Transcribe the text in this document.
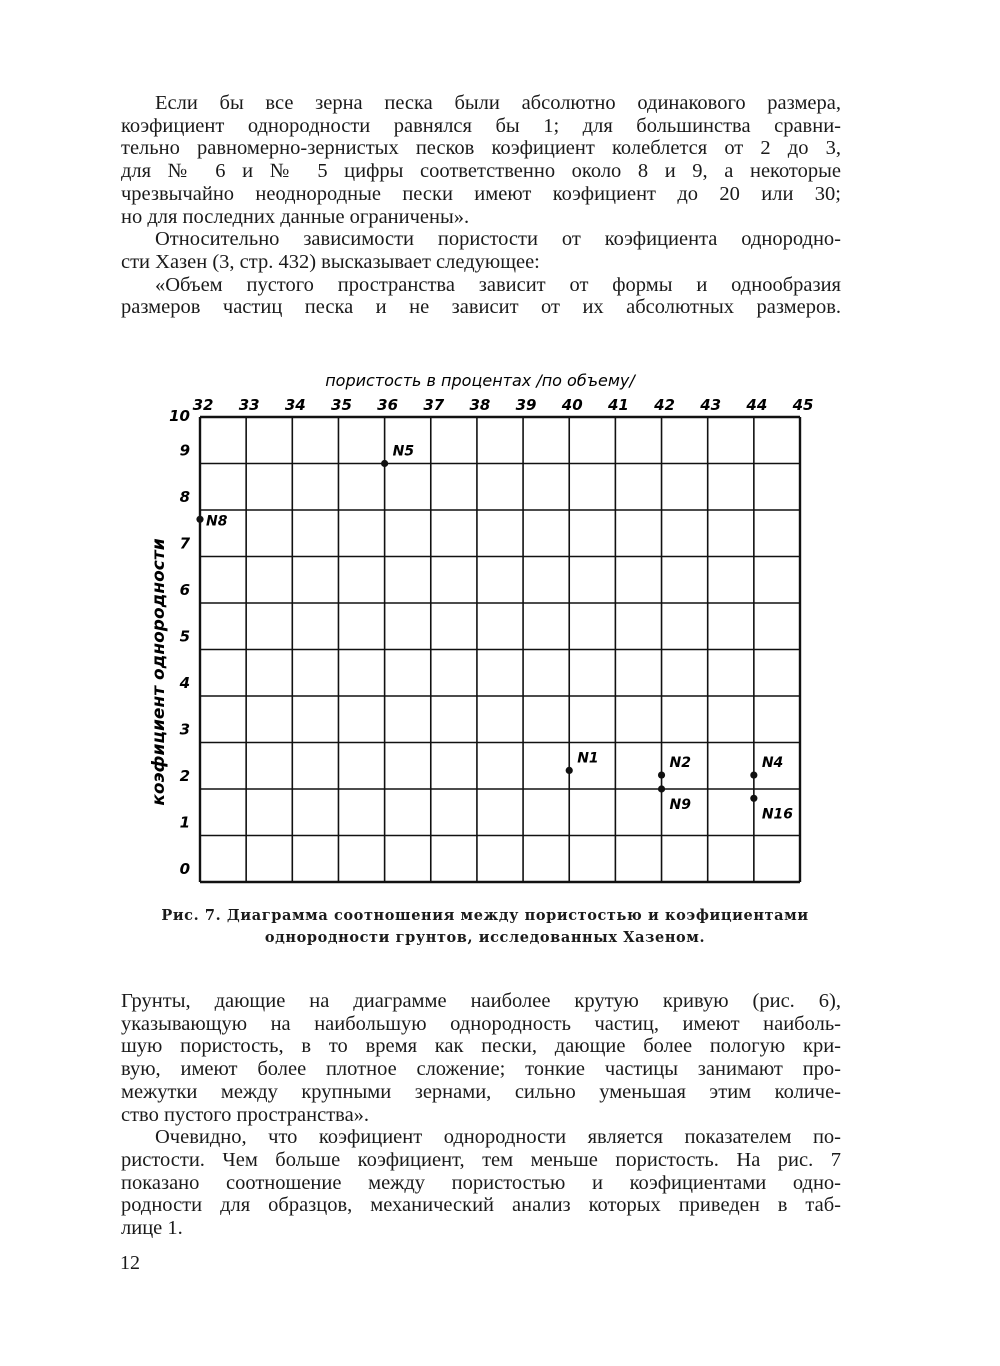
Если бы все зерна песка были абсолютно одинакового размера,
коэфициент однородности равнялся бы 1; для большинства сравни-
тельно равномерно-зернистых песков коэфициент колеблется от 2 до 3,
для № 6 и № 5 цифры соответственно около 8 и 9, а некоторые
чрезвычайно неоднородные пески имеют коэфициент до 20 или 30;
но для последних данные ограничены».
Относительно зависимости пористости от коэфициента однородно-
сти Хазен (3, стр. 432) высказывает следующее:
«Объем пустого пространства зависит от формы и однообразия
размеров частиц песка и не зависит от их абсолютных размеров.
пористость в процентах /по объему/
коэфициент однородности
32 33 34 35 36 37 38 39 40 41 42 43 44 45
0
1
2
3
4
5
6
7
8
9
10
N5
N8
N1	N2
N9
N4
N16
Рис. 7. Диаграмма соотношения между пористостью и коэфициентами
однородности грунтов, исследованных Хазеном.
Грунты, дающие на диаграмме наиболее крутую кривую (рис. 6),
указывающую на наибольшую однородность частиц, имеют наиболь-
шую пористость, в то время как пески, дающие более пологую кри-
вую, имеют более плотное сложение; тонкие частицы занимают про-
межутки между крупными зернами, сильно уменьшая этим количе-
ство пустого пространства».
Очевидно, что коэфициент однородности является показателем по-
ристости. Чем больше коэфициент, тем меньше пористость. На рис. 7
показано соотношение между пористостью и коэфициентами одно-
родности для образцов, механический анализ которых приведен в таб-
лице 1.
12
